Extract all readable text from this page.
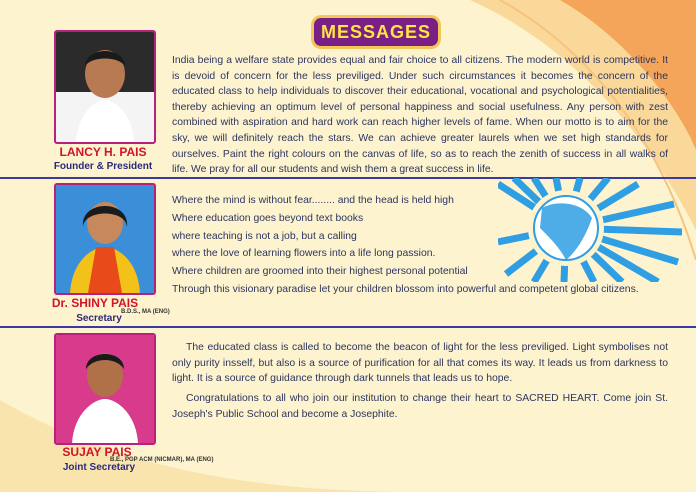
MESSAGES
LANCY H. PAIS
Founder & President

India being a welfare state provides equal and fair choice to all citizens. The modern world is competitive. It is devoid of concern for the less previliged. Under such circumstances it becomes the concern of the educated class to help individuals to discover their educational, vocational and psychological potentialities, thereby achieving an optimum level of personal happiness and social usefulness. Any person with zest combined with aspiration and hard work can reach higher levels of fame. When our motto is to aim for the sky, we will definitely reach the stars. We can achieve greater laurels when we set high standards for ourselves. Paint the right colours on the canvas of life, so as to reach the zenith of success in all walks of life. We pray for all our students and wish them a great success in life.

Dr. SHINY PAIS
B.D.S., MA (ENG)
Secretary
Where the mind is without fear........ and the head is held high
Where education goes beyond text books
where teaching is not a job, but a calling
where the love of learning flowers into a life long passion.
Where children are groomed into their highest personal potential
Through this visionary paradise let your children blossom into powerful and competent global citizens.
SUJAY PAIS
B.E., PGP ACM (NICMAR), MA (ENG)
Joint Secretary

The educated class is called to become the beacon of light for the less previliged. Light symbolises not only purity insself, but also is a source of purification for all that comes its way. It leads us from darkness to light. It is a source of guidance through dark tunnels that leads us to hope.

Congratulations to all who join our institution to change their heart to SACRED HEART. Come join St. Joseph's Public School and become a Josephite.
